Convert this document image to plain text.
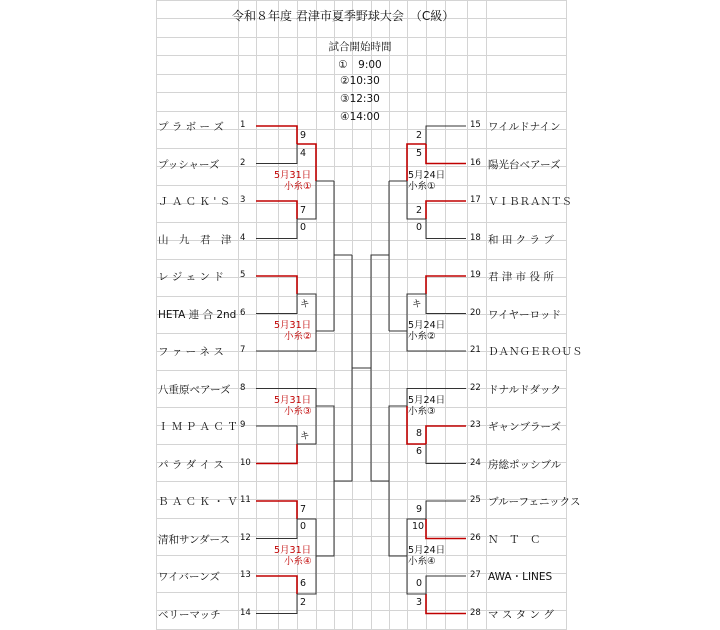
令和８年度 君津市夏季野球大会　（C級）
試合開始時間
①　9:00
②10:30
③12:30
④14:00
プ ラ ボ ー ズ 1
プッシャーズ 2
Ｊ Ａ Ｃ Ｋ ' Ｓ 3
山　九　君　津 4
レ ジ ェ ン ド 5
HETA 連 合 2nd 6
フ ァ ー ネ ス 7
八重原ベアーズ 8
Ｉ Ｍ Ｐ Ａ Ｃ Ｔ 9
パ ラ ダ イ ス 10
Ｂ Ａ Ｃ Ｋ ・ Ｖ 11
清和サンダース 12
ワイバーンズ 13
ベリーマッチ 14
15 ワイルドナイン
16 陽光台ベアーズ
17 ＶＩＢＲＡＮＴＳ
18 和 田 ク ラ ブ
19 君 津 市 役 所
20 ワイヤーロッド
21 ＤＡＮＧＥＲＯＵＳ
22 ドナルドダック
23 ギャンブラーズ
24 房総ポッシブル
25 ブルーフェニックス
26 Ｎ　Ｔ　Ｃ
27 AWA・LINES
28 マ ス タ ン グ
9
4
7
0
キ
キ
7
0
6
2
2
5
2
0
キ
8
6
9
10
0
3
5月31日
小糸①
5月31日
小糸②
5月31日
小糸③
5月31日
小糸④
5月24日
小糸①
5月24日
小糸②
5月24日
小糸③
5月24日
小糸④
